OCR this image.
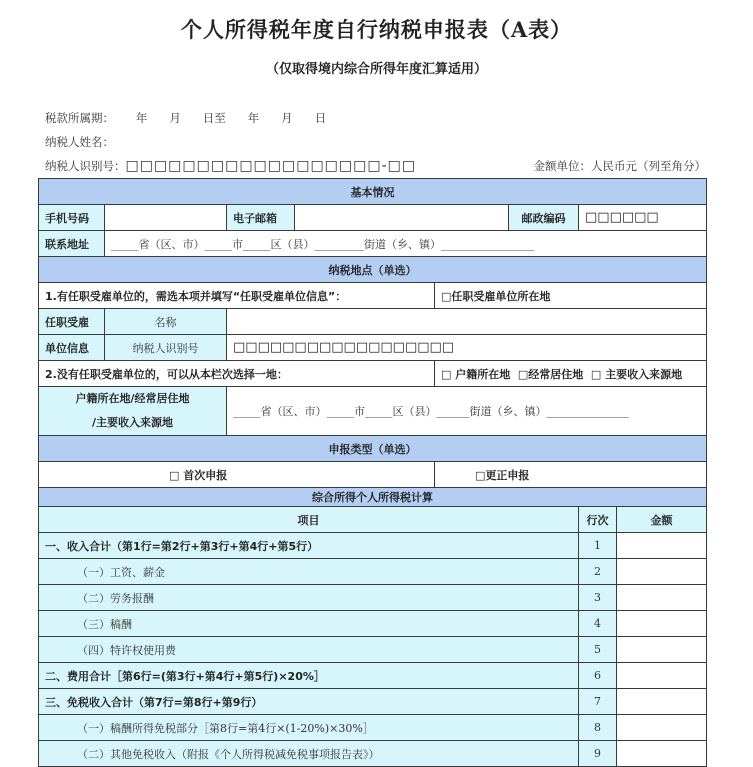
个人所得税年度自行纳税申报表（A表）
（仅取得境内综合所得年度汇算适用）
税款所属期：      年      月      日至      年      月      日
纳税人姓名：
纳税人识别号：□□□□□□□□□□□□□□□□□□-□□	金额单位：人民币元（列至角分）
基本情况							
手机号码		电子邮箱			邮政编码	□□□□□□	
联系地址	_____省（区、市）_____市_____区（县）_________街道（乡、镇）_________________						
纳税地点（单选）							
1.有任职受雇单位的，需选本项并填写“任职受雇单位信息”：				□任职受雇单位所在地			
任职受雇	名称						
单位信息	纳税人识别号	□□□□□□□□□□□□□□□□□□					
2.没有任职受雇单位的，可以从本栏次选择一地：				□ 户籍所在地  □经常居住地  □ 主要收入来源地			

户籍所在地/经常居住地
/主要收入来源地		_____省（区、市）_____市_____区（县）______街道（乡、镇）_______________					
申报类型（单选）							
□ 首次申报				□更正申报			
综合所得个人所得税计算							
项目						行次	金额
一、收入合计（第1行=第2行+第3行+第4行+第5行）						1	
（一）工资、薪金						2	
（二）劳务报酬						3	
（三）稿酬						4	
（四）特许权使用费						5	
二、费用合计［第6行=(第3行+第4行+第5行)×20%］						6	
三、免税收入合计（第7行=第8行+第9行）						7	
（一）稿酬所得免税部分［第8行=第4行×(1-20%)×30%］						8	
（二）其他免税收入（附报《个人所得税减免税事项报告表》）						9	
